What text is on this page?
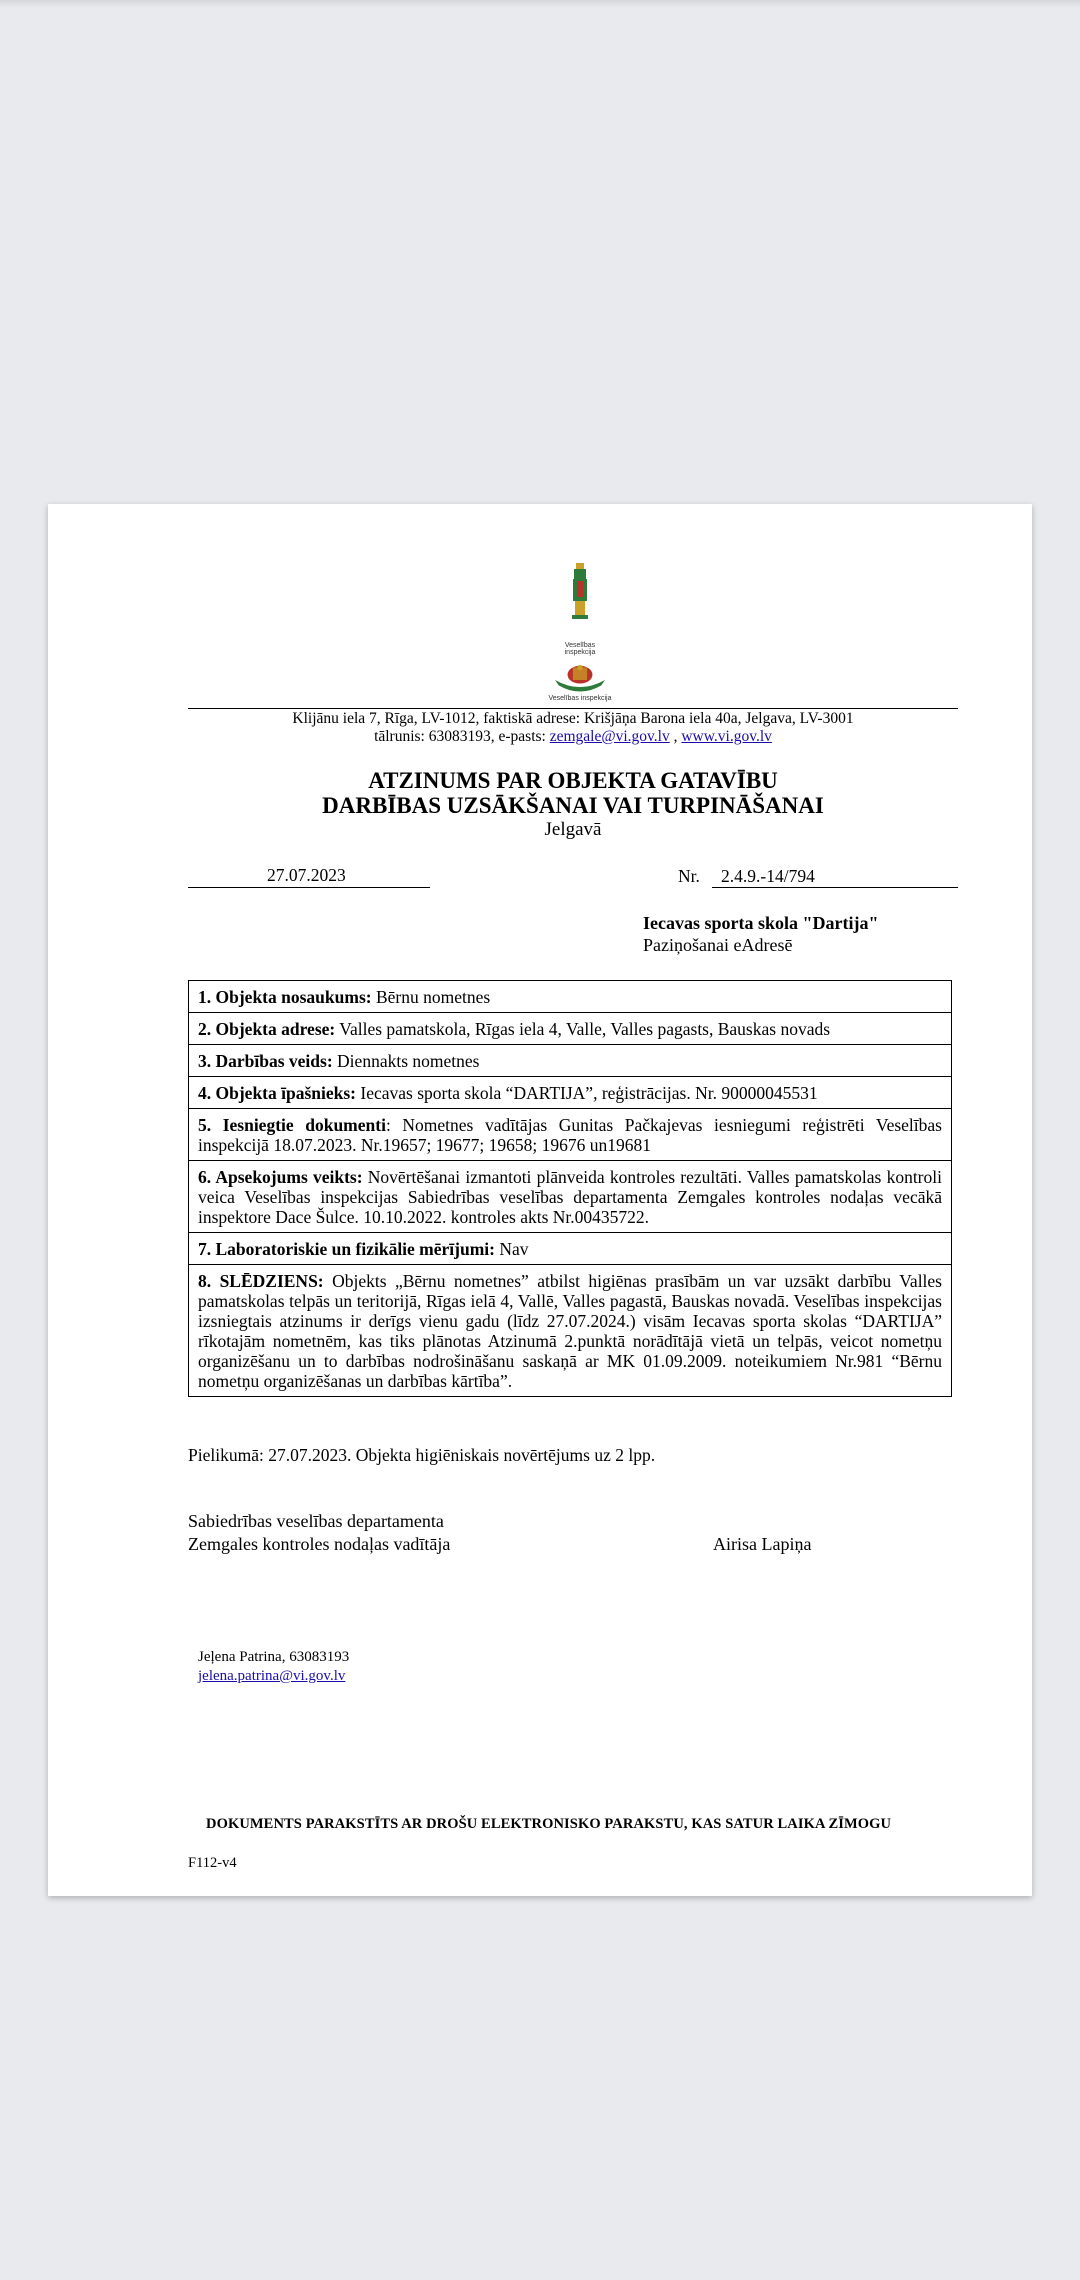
Veselības inspekcija
Veselības inspekcija
Klijānu iela 7, Rīga, LV-1012, faktiskā adrese: Krišjāņa Barona iela 40a, Jelgava, LV-3001
tālrunis: 63083193, e-pasts: zemgale@vi.gov.lv , www.vi.gov.lv
ATZINUMS PAR OBJEKTA GATAVĪBU
DARBĪBAS UZSĀKŠANAI VAI TURPINĀŠANAI
Jelgavā
27.07.2023	Nr. 2.4.9.-14/794
Iecavas sporta skola "Dartija"
Paziņošanai eAdresē
1. Objekta nosaukums: Bērnu nometnes
2. Objekta adrese: Valles pamatskola, Rīgas iela 4, Valle, Valles pagasts, Bauskas novads
3. Darbības veids: Diennakts nometnes
4. Objekta īpašnieks: Iecavas sporta skola “DARTIJA”, reģistrācijas. Nr. 90000045531
5. Iesniegtie dokumenti: Nometnes vadītājas Gunitas Pačkajevas iesniegumi reģistrēti Veselības inspekcijā 18.07.2023. Nr.19657; 19677; 19658; 19676 un19681
6. Apsekojums veikts: Novērtēšanai izmantoti plānveida kontroles rezultāti. Valles pamatskolas kontroli veica Veselības inspekcijas Sabiedrības veselības departamenta Zemgales kontroles nodaļas vecākā inspektore Dace Šulce. 10.10.2022. kontroles akts Nr.00435722.
7. Laboratoriskie un fizikālie mērījumi: Nav
8. SLĒDZIENS: Objekts „Bērnu nometnes” atbilst higiēnas prasībām un var uzsākt darbību Valles pamatskolas telpās un teritorijā, Rīgas ielā 4, Vallē, Valles pagastā, Bauskas novadā. Veselības inspekcijas izsniegtais atzinums ir derīgs vienu gadu (līdz 27.07.2024.) visām Iecavas sporta skolas “DARTIJA” rīkotajām nometnēm, kas tiks plānotas Atzinumā 2.punktā norādītājā vietā un telpās, veicot nometņu organizēšanu un to darbības nodrošināšanu saskaņā ar MK 01.09.2009. noteikumiem Nr.981 “Bērnu nometņu organizēšanas un darbības kārtība”.
Pielikumā: 27.07.2023. Objekta higiēniskais novērtējums uz 2 lpp.
Sabiedrības veselības departamenta
Zemgales kontroles nodaļas vadītāja	Airisa Lapiņa
Jeļena Patrina, 63083193
jelena.patrina@vi.gov.lv
DOKUMENTS PARAKSTĪTS AR DROŠU ELEKTRONISKO PARAKSTU, KAS SATUR LAIKA ZĪMOGU
F112-v4
